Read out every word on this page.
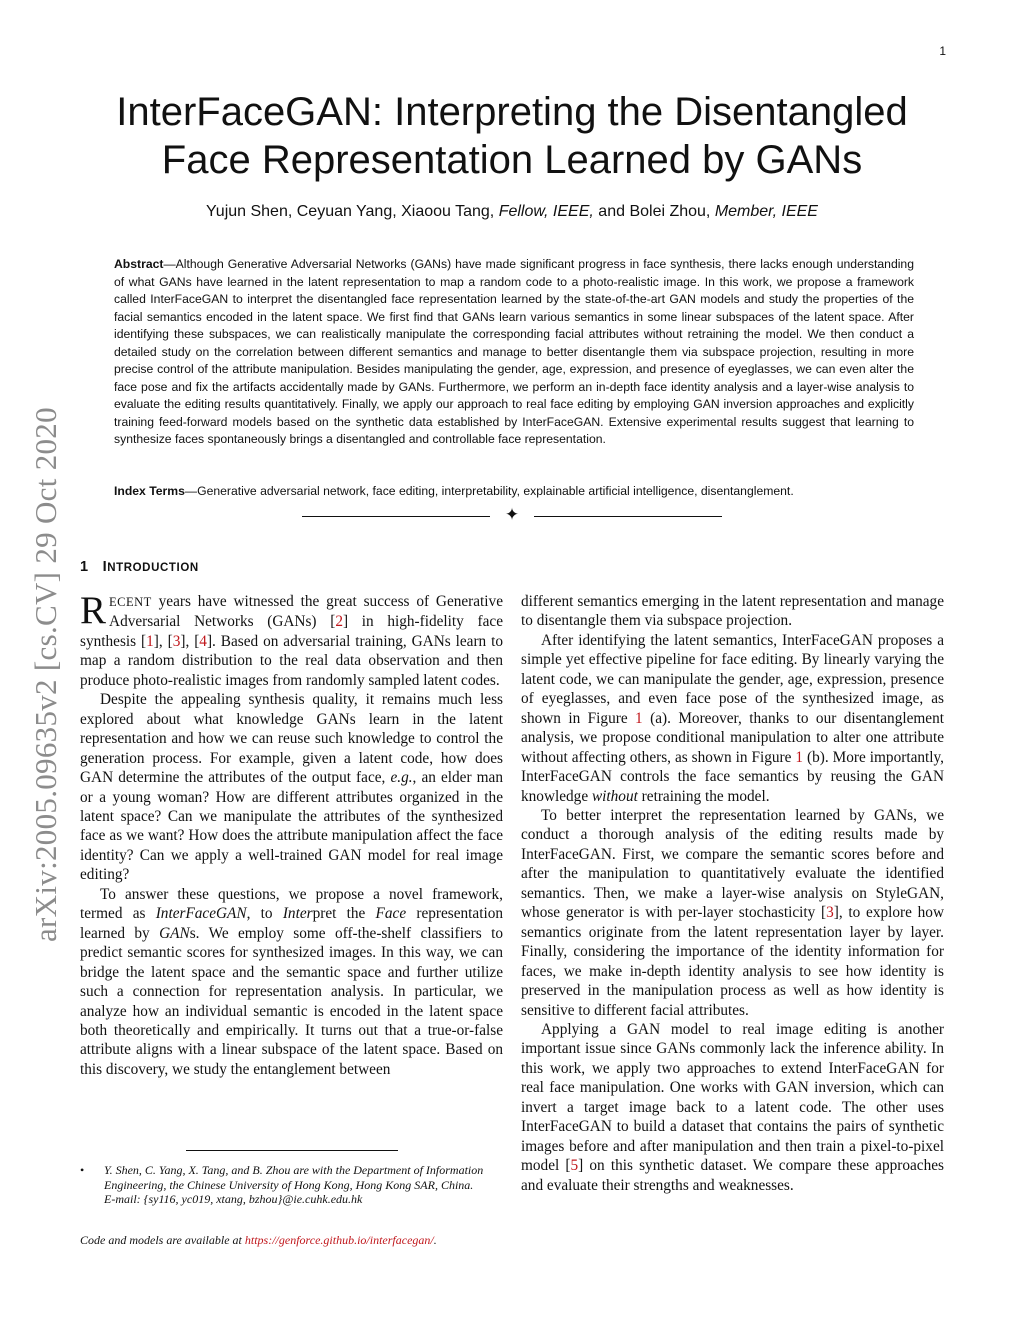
1
arXiv:2005.09635v2 [cs.CV] 29 Oct 2020
InterFaceGAN: Interpreting the Disentangled
Face Representation Learned by GANs
Yujun Shen, Ceyuan Yang, Xiaoou Tang, Fellow, IEEE, and Bolei Zhou, Member, IEEE
Abstract—Although Generative Adversarial Networks (GANs) have made significant progress in face synthesis, there lacks enough understanding of what GANs have learned in the latent representation to map a random code to a photo-realistic image. In this work, we propose a framework called InterFaceGAN to interpret the disentangled face representation learned by the state-of-the-art GAN models and study the properties of the facial semantics encoded in the latent space. We first find that GANs learn various semantics in some linear subspaces of the latent space. After identifying these subspaces, we can realistically manipulate the corresponding facial attributes without retraining the model. We then conduct a detailed study on the correlation between different semantics and manage to better disentangle them via subspace projection, resulting in more precise control of the attribute manipulation. Besides manipulating the gender, age, expression, and presence of eyeglasses, we can even alter the face pose and fix the artifacts accidentally made by GANs. Furthermore, we perform an in-depth face identity analysis and a layer-wise analysis to evaluate the editing results quantitatively. Finally, we apply our approach to real face editing by employing GAN inversion approaches and explicitly training feed-forward models based on the synthetic data established by InterFaceGAN. Extensive experimental results suggest that learning to synthesize faces spontaneously brings a disentangled and controllable face representation.
Index Terms—Generative adversarial network, face editing, interpretability, explainable artificial intelligence, disentanglement.
✦
1 INTRODUCTION

RECENT years have witnessed the great success of Generative Adversarial Networks (GANs) [2] in high-fidelity face synthesis [1], [3], [4]. Based on adversarial training, GANs learn to map a random distribution to the real data observation and then produce photo-realistic images from randomly sampled latent codes.

Despite the appealing synthesis quality, it remains much less explored about what knowledge GANs learn in the latent representation and how we can reuse such knowledge to control the generation process. For example, given a latent code, how does GAN determine the attributes of the output face, e.g., an elder man or a young woman? How are different attributes organized in the latent space? Can we manipulate the attributes of the synthesized face as we want? How does the attribute manipulation affect the face identity? Can we apply a well-trained GAN model for real image editing?

To answer these questions, we propose a novel framework, termed as InterFaceGAN, to Interpret the Face representation learned by GANs. We employ some off-the-shelf classifiers to predict semantic scores for synthesized images. In this way, we can bridge the latent space and the semantic space and further utilize such a connection for representation analysis. In particular, we analyze how an individual semantic is encoded in the latent space both theoretically and empirically. It turns out that a true-or-false attribute aligns with a linear subspace of the latent space. Based on this discovery, we study the entanglement between

different semantics emerging in the latent representation and manage to disentangle them via subspace projection.

After identifying the latent semantics, InterFaceGAN proposes a simple yet effective pipeline for face editing. By linearly varying the latent code, we can manipulate the gender, age, expression, presence of eyeglasses, and even face pose of the synthesized image, as shown in Figure 1 (a). Moreover, thanks to our disentanglement analysis, we propose conditional manipulation to alter one attribute without affecting others, as shown in Figure 1 (b). More importantly, InterFaceGAN controls the face semantics by reusing the GAN knowledge without retraining the model.

To better interpret the representation learned by GANs, we conduct a thorough analysis of the editing results made by InterFaceGAN. First, we compare the semantic scores before and after the manipulation to quantitatively evaluate the identified semantics. Then, we make a layer-wise analysis on StyleGAN, whose generator is with per-layer stochasticity [3], to explore how semantics originate from the latent representation layer by layer. Finally, considering the importance of the identity information for faces, we make in-depth identity analysis to see how identity is preserved in the manipulation process as well as how identity is sensitive to different facial attributes.

Applying a GAN model to real image editing is another important issue since GANs commonly lack the inference ability. In this work, we apply two approaches to extend InterFaceGAN for real face manipulation. One works with GAN inversion, which can invert a target image back to a latent code. The other uses InterFaceGAN to build a dataset that contains the pairs of synthetic images before and after manipulation and then train a pixel-to-pixel model [5] on this synthetic dataset. We compare these approaches and evaluate their strengths and weaknesses.

• Y. Shen, C. Yang, X. Tang, and B. Zhou are with the Department of Information Engineering, the Chinese University of Hong Kong, Hong Kong SAR, China.
E-mail: {sy116, yc019, xtang, bzhou}@ie.cuhk.edu.hk
Code and models are available at https://genforce.github.io/interfacegan/.
